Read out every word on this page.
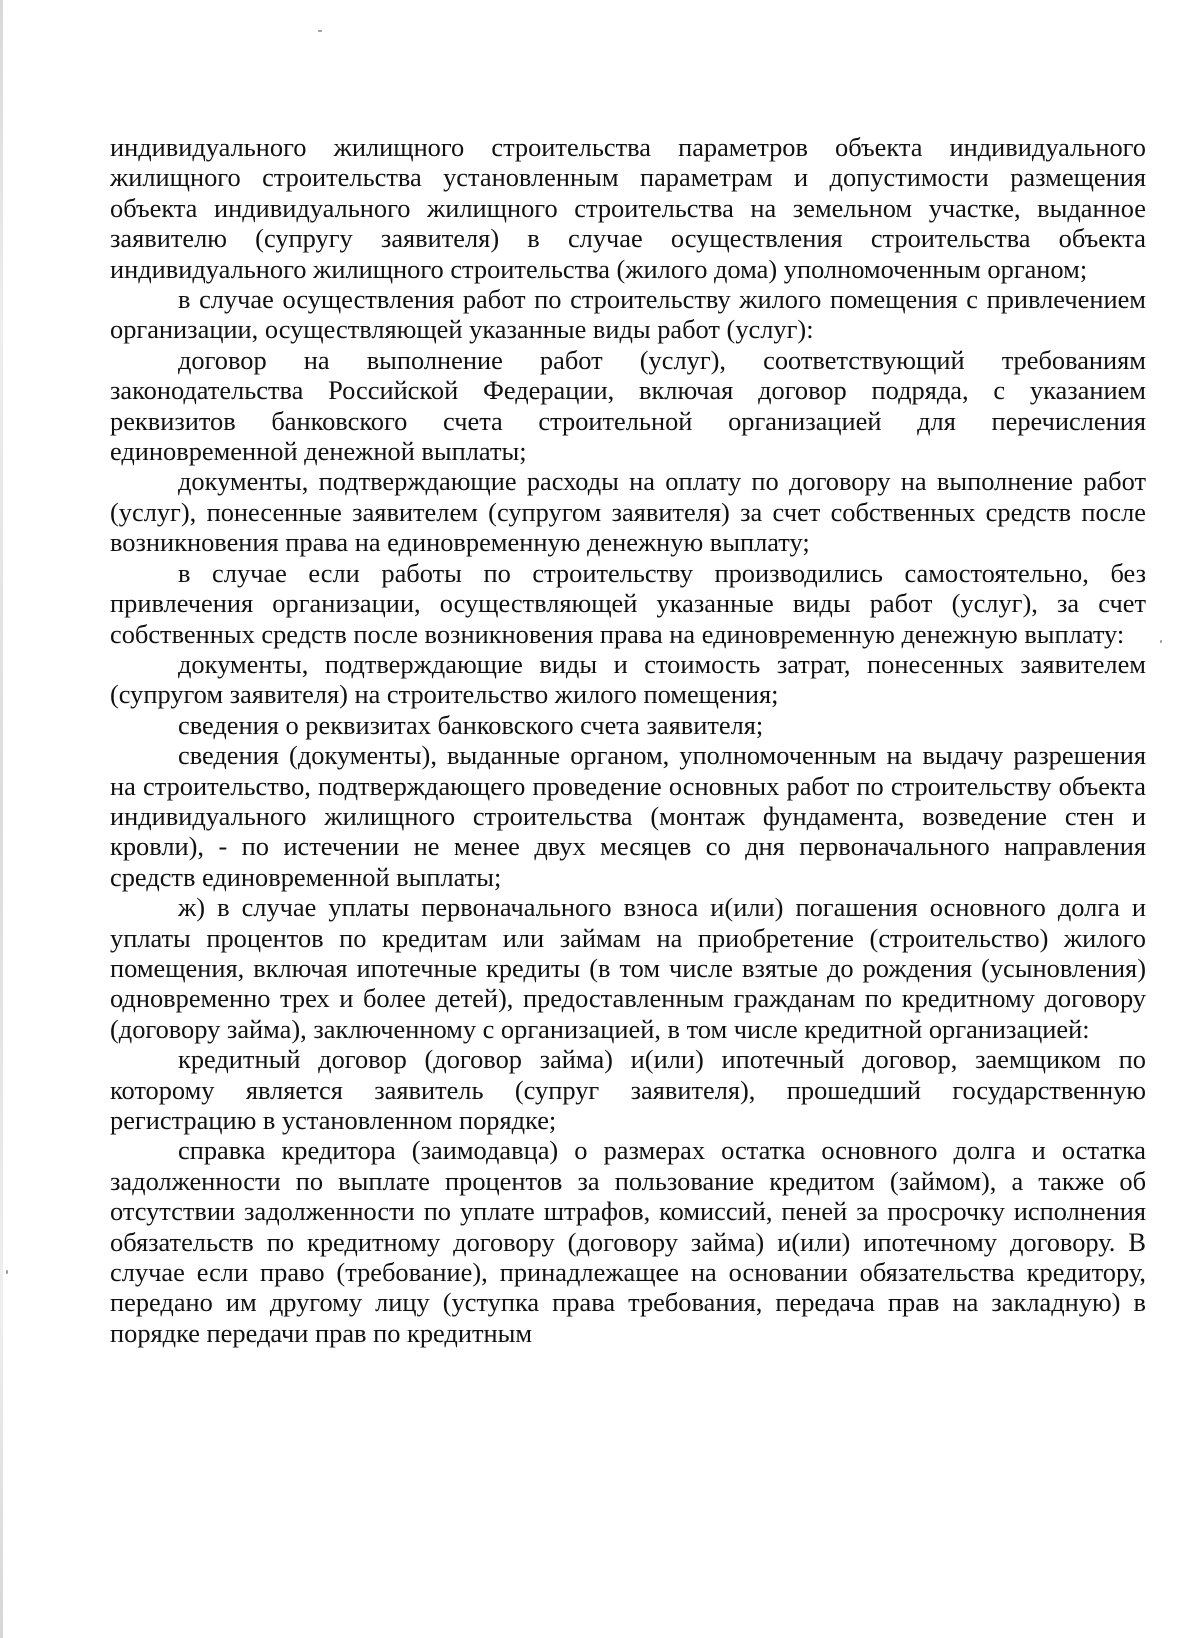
индивидуального жилищного строительства параметров объекта индивидуального жилищного строительства установленным параметрам и допустимости размещения объекта индивидуального жилищного строительства на земельном участке, выданное заявителю (супругу заявителя) в случае осуществления строительства объекта индивидуального жилищного строительства (жилого дома) уполномоченным органом;

в случае осуществления работ по строительству жилого помещения с привлечением организации, осуществляющей указанные виды работ (услуг):

договор на выполнение работ (услуг), соответствующий требованиям законодательства Российской Федерации, включая договор подряда, с указанием реквизитов банковского счета строительной организацией для перечисления единовременной денежной выплаты;

документы, подтверждающие расходы на оплату по договору на выполнение работ (услуг), понесенные заявителем (супругом заявителя) за счет собственных средств после возникновения права на единовременную денежную выплату;

в случае если работы по строительству производились самостоятельно, без привлечения организации, осуществляющей указанные виды работ (услуг), за счет собственных средств после возникновения права на единовременную денежную выплату:

документы, подтверждающие виды и стоимость затрат, понесенных заявителем (супругом заявителя) на строительство жилого помещения;

сведения о реквизитах банковского счета заявителя;

сведения (документы), выданные органом, уполномоченным на выдачу разрешения на строительство, подтверждающего проведение основных работ по строительству объекта индивидуального жилищного строительства (монтаж фундамента, возведение стен и кровли), - по истечении не менее двух месяцев со дня первоначального направления средств единовременной выплаты;

ж) в случае уплаты первоначального взноса и(или) погашения основного долга и уплаты процентов по кредитам или займам на приобретение (строительство) жилого помещения, включая ипотечные кредиты (в том числе взятые до рождения (усыновления) одновременно трех и более детей), предоставленным гражданам по кредитному договору (договору займа), заключенному с организацией, в том числе кредитной организацией:

кредитный договор (договор займа) и(или) ипотечный договор, заемщиком по которому является заявитель (супруг заявителя), прошедший государственную регистрацию в установленном порядке;

справка кредитора (заимодавца) о размерах остатка основного долга и остатка задолженности по выплате процентов за пользование кредитом (займом), а также об отсутствии задолженности по уплате штрафов, комиссий, пеней за просрочку исполнения обязательств по кредитному договору (договору займа) и(или) ипотечному договору. В случае если право (требование), принадлежащее на основании обязательства кредитору, передано им другому лицу (уступка права требования, передача прав на закладную) в порядке передачи прав по кредитным
